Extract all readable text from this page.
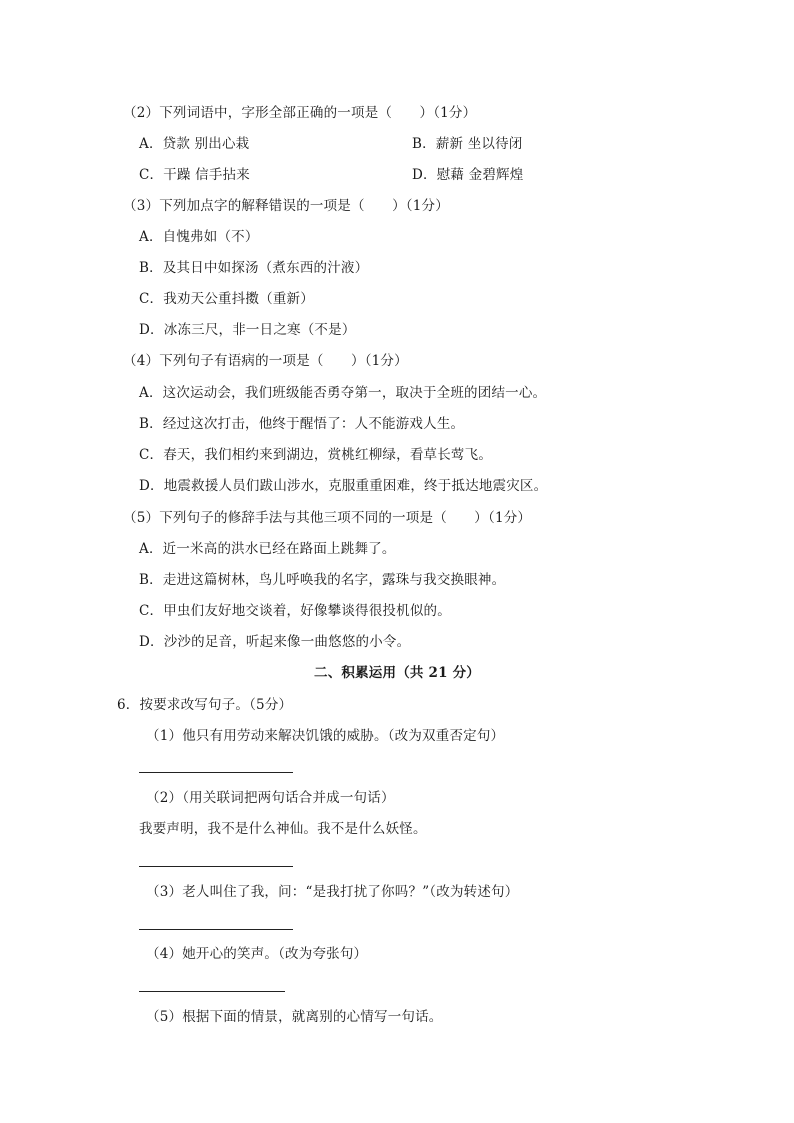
（2）下列词语中，字形全部正确的一项是（　　）（1分）
A．贷款 别出心栽	B．薪新 坐以待闭
C．干躁 信手拈来	D．慰藉 金碧辉煌
（3）下列加点字的解释错误的一项是（　　）（1分）
A．自愧弗如（不）
B．及其日中如探汤（煮东西的汁液）
C．我劝天公重抖擞（重新）
D．冰冻三尺，非一日之寒（不是）
（4）下列句子有语病的一项是（　　）（1分）
A．这次运动会，我们班级能否勇夺第一，取决于全班的团结一心。
B．经过这次打击，他终于醒悟了：人不能游戏人生。
C．春天，我们相约来到湖边，赏桃红柳绿，看草长莺飞。
D．地震救援人员们跋山涉水，克服重重困难，终于抵达地震灾区。
（5）下列句子的修辞手法与其他三项不同的一项是（　　）（1分）
A．近一米高的洪水已经在路面上跳舞了。
B．走进这篇树林，鸟儿呼唤我的名字，露珠与我交换眼神。
C．甲虫们友好地交谈着，好像攀谈得很投机似的。
D．沙沙的足音，听起来像一曲悠悠的小令。
二、积累运用（共 21 分）
6．按要求改写句子。（5分）
（1）他只有用劳动来解决饥饿的威胁。（改为双重否定句）
（2）（用关联词把两句话合并成一句话）
我要声明，我不是什么神仙。我不是什么妖怪。
（3）老人叫住了我，问：“是我打扰了你吗？”（改为转述句）
（4）她开心的笑声。（改为夸张句）
（5）根据下面的情景，就离别的心情写一句话。
